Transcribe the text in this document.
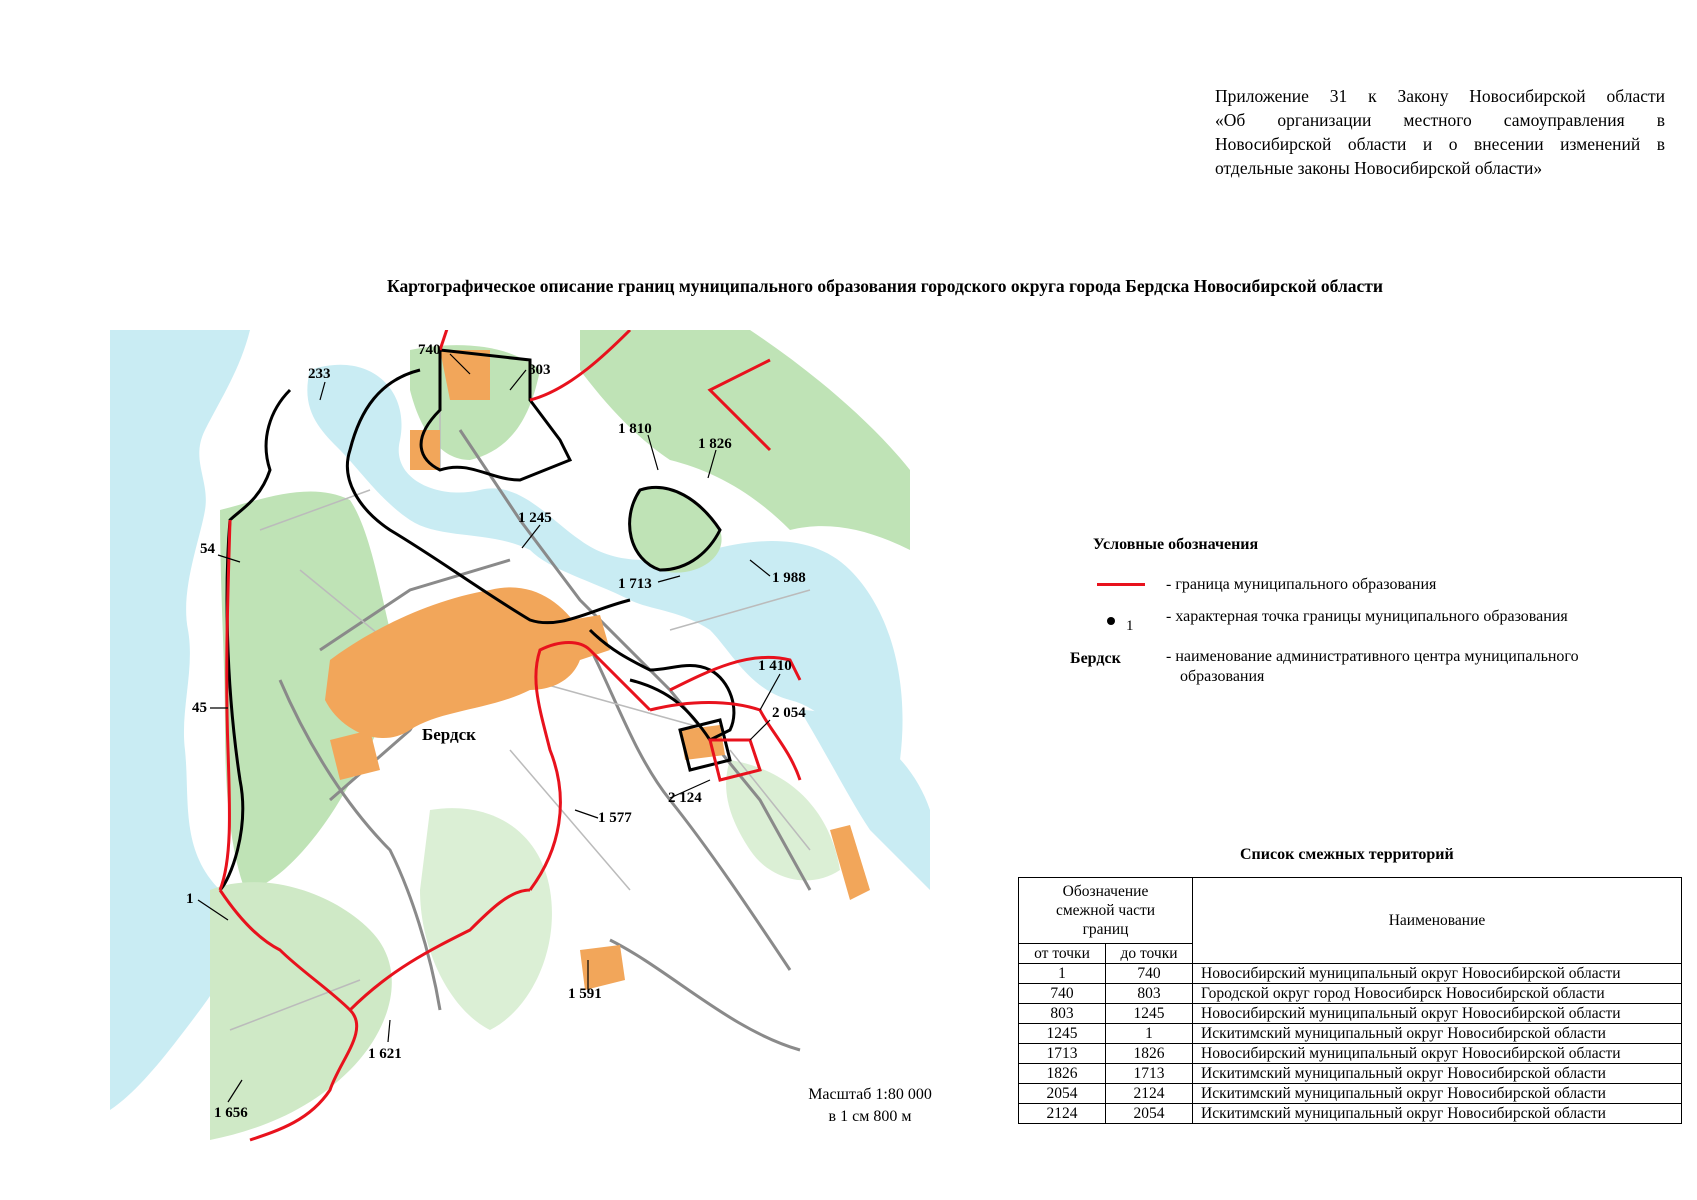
Приложение 31 к Закону Новосибирской области
«Об организации местного самоуправления в
Новосибирской области и о внесении изменений в
отдельные законы Новосибирской области»
Картографическое описание границ муниципального образования городского округа города Бердска Новосибирской области
740
803
233
1 810
1 826
1 245
54
1 713	1 988
1 410
45	2 054
2 124
1 577
1
1 591
1 621
1 656
Бердск
Масштаб 1:80 000
в 1 см 800 м
Условные обозначения
- граница муниципального образования
1
- характерная точка границы муниципального образования
Бердск	- наименование административного центра муниципального
образования
Список смежных территорий
Обозначение смежной части границ		Наименование
от точки	до точки	
1	740	Новосибирский муниципальный округ Новосибирской области
740	803	Городской округ город Новосибирск Новосибирской области
803	1245	Новосибирский муниципальный округ Новосибирской области
1245	1	Искитимский муниципальный округ Новосибирской области
1713	1826	Новосибирский муниципальный округ Новосибирской области
1826	1713	Искитимский муниципальный округ Новосибирской области
2054	2124	Искитимский муниципальный округ Новосибирской области
2124	2054	Искитимский муниципальный округ Новосибирской области
